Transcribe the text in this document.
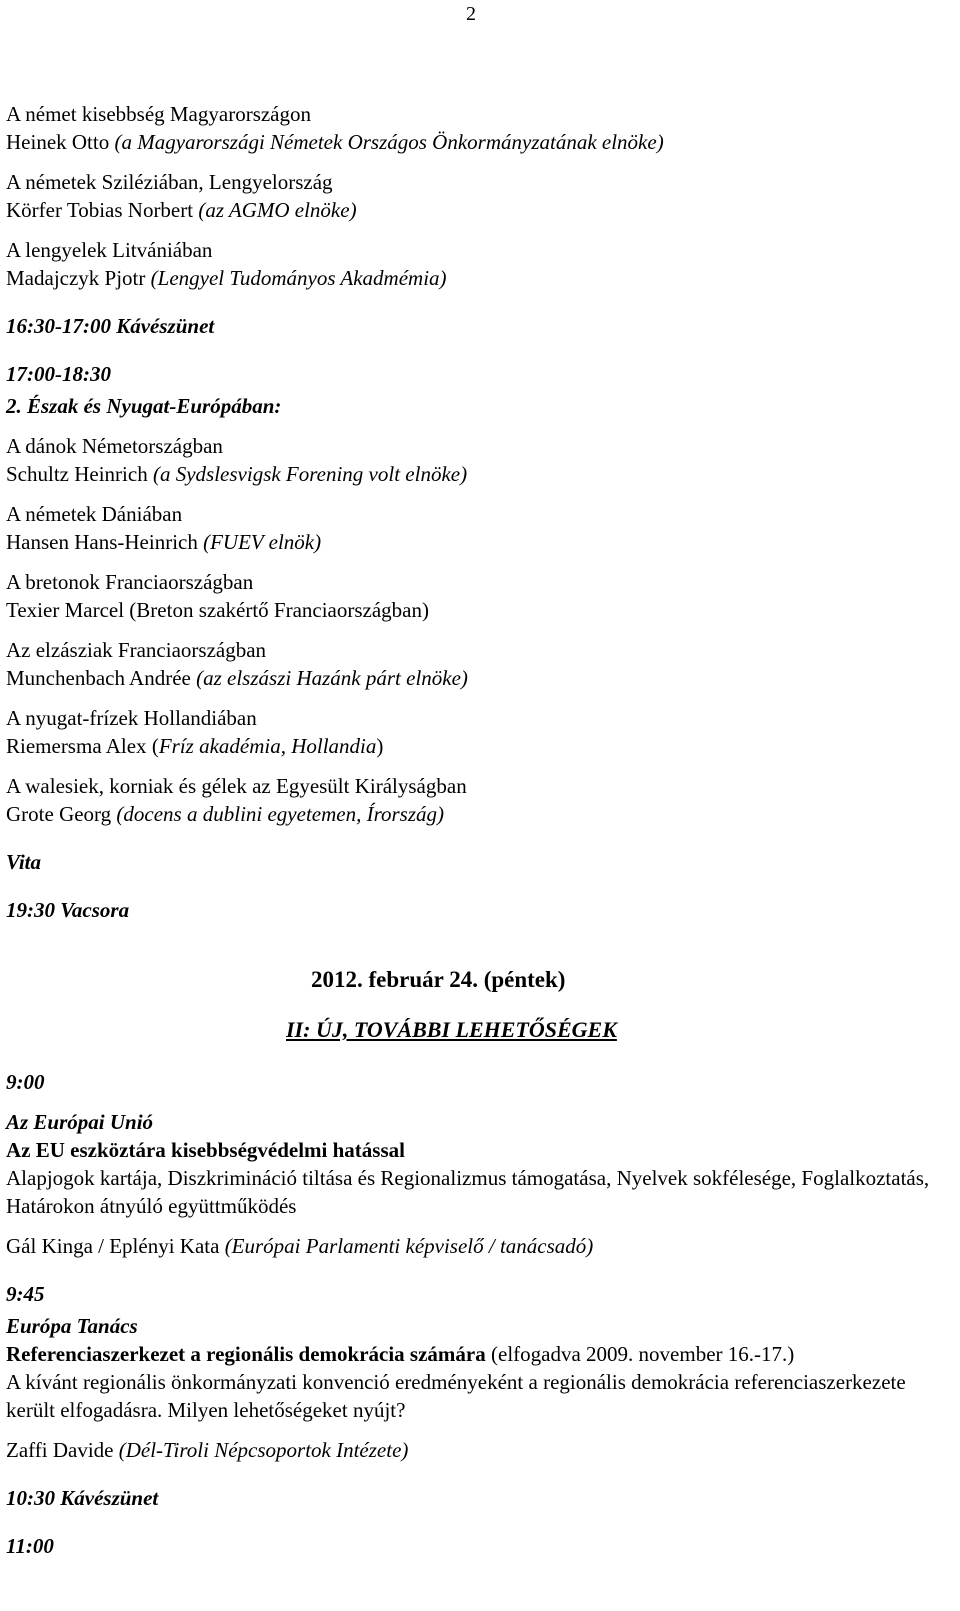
2
A német kisebbség Magyarországon
Heinek Otto (a Magyarországi Németek Országos Önkormányzatának elnöke)
A németek Sziléziában, Lengyelország
Körfer Tobias Norbert (az AGMO elnöke)
A lengyelek Litvániában
Madajczyk Pjotr (Lengyel Tudományos Akadmémia)
16:30-17:00 Kávészünet
17:00-18:30
2. Észak és Nyugat-Európában:
A dánok Németországban
Schultz Heinrich (a Sydslesvigsk Forening volt elnöke)
A németek Dániában
Hansen Hans-Heinrich (FUEV elnök)
A bretonok Franciaországban
Texier Marcel (Breton szakértő Franciaországban)
Az elzásziak Franciaországban
Munchenbach Andrée (az elszászi Hazánk párt elnöke)
A nyugat-frízek Hollandiában
Riemersma Alex (Fríz akadémia, Hollandia)
A walesiek, korniak és gélek az Egyesült Királyságban
Grote Georg (docens a dublini egyetemen, Írország)
Vita
19:30 Vacsora
2012. február 24. (péntek)
II: ÚJ, TOVÁBBI LEHETŐSÉGEK
9:00
Az Európai Unió
Az EU eszköztára kisebbségvédelmi hatással
Alapjogok kartája, Diszkrimináció tiltása és Regionalizmus támogatása, Nyelvek sokfélesége, Foglalkoztatás, Határokon átnyúló együttműködés
Gál Kinga / Eplényi Kata (Európai Parlamenti képviselő / tanácsadó)
9:45
Európa Tanács
Referenciaszerkezet a regionális demokrácia számára (elfogadva 2009. november 16.-17.)
A kívánt regionális önkormányzati konvenció eredményeként a regionális demokrácia referenciaszerkezete került elfogadásra. Milyen lehetőségeket nyújt?
Zaffi Davide (Dél-Tiroli Népcsoportok Intézete)
10:30 Kávészünet
11:00
